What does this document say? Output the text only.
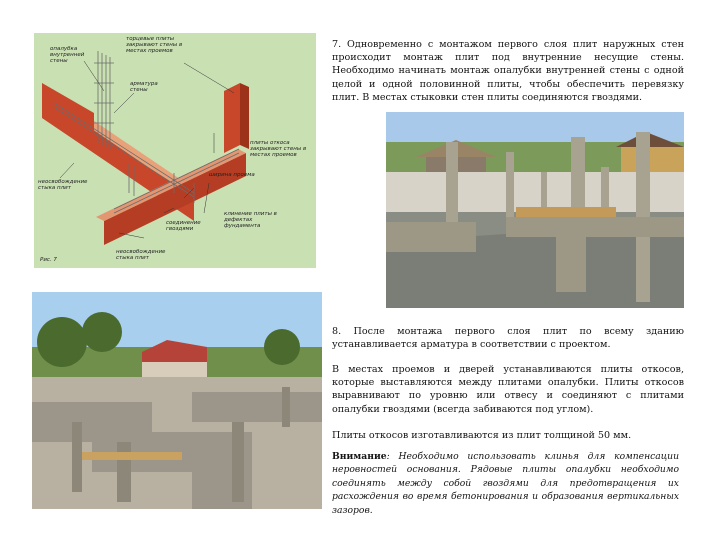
торцевые плиты закрывают стены в местах проемов
опалубка внутренней стены
арматура стены
плиты откоса закрывают стены в местах проемов
неосвобождение стыка плит
ширина проема
соединение гвоздями
клинение плиты в дефектах фундамента
неосвобождение стыка плит
Рис. 7
7. Одновременно с монтажом первого слоя плит наружных стен происходит монтаж плит под внутренние несущие стены. Необходимо начинать монтаж опалубки внутренней стены с одной целой и одной половинной плиты, чтобы обеспечить перевязку плит. В местах стыковки стен плиты соединяются гвоздями.
8. После монтажа первого слоя плит по всему зданию устанавливается арматура в соответствии с проектом.
В местах проемов и дверей устанавливаются плиты откосов, которые выставляются между плитами опалубки. Плиты откосов выравнивают по уровню или отвесу и соединяют с плитами опалубки гвоздями (всегда забиваются под углом).
Плиты откосов изготавливаются из плит толщиной 50 мм.
Внимание: Необходимо использовать клинья для компенсации неровностей основания. Рядовые плиты опалубки необходимо соединять между собой гвоздями для предотвращения их расхождения во время бетонирования и образования вертикальных зазоров.
